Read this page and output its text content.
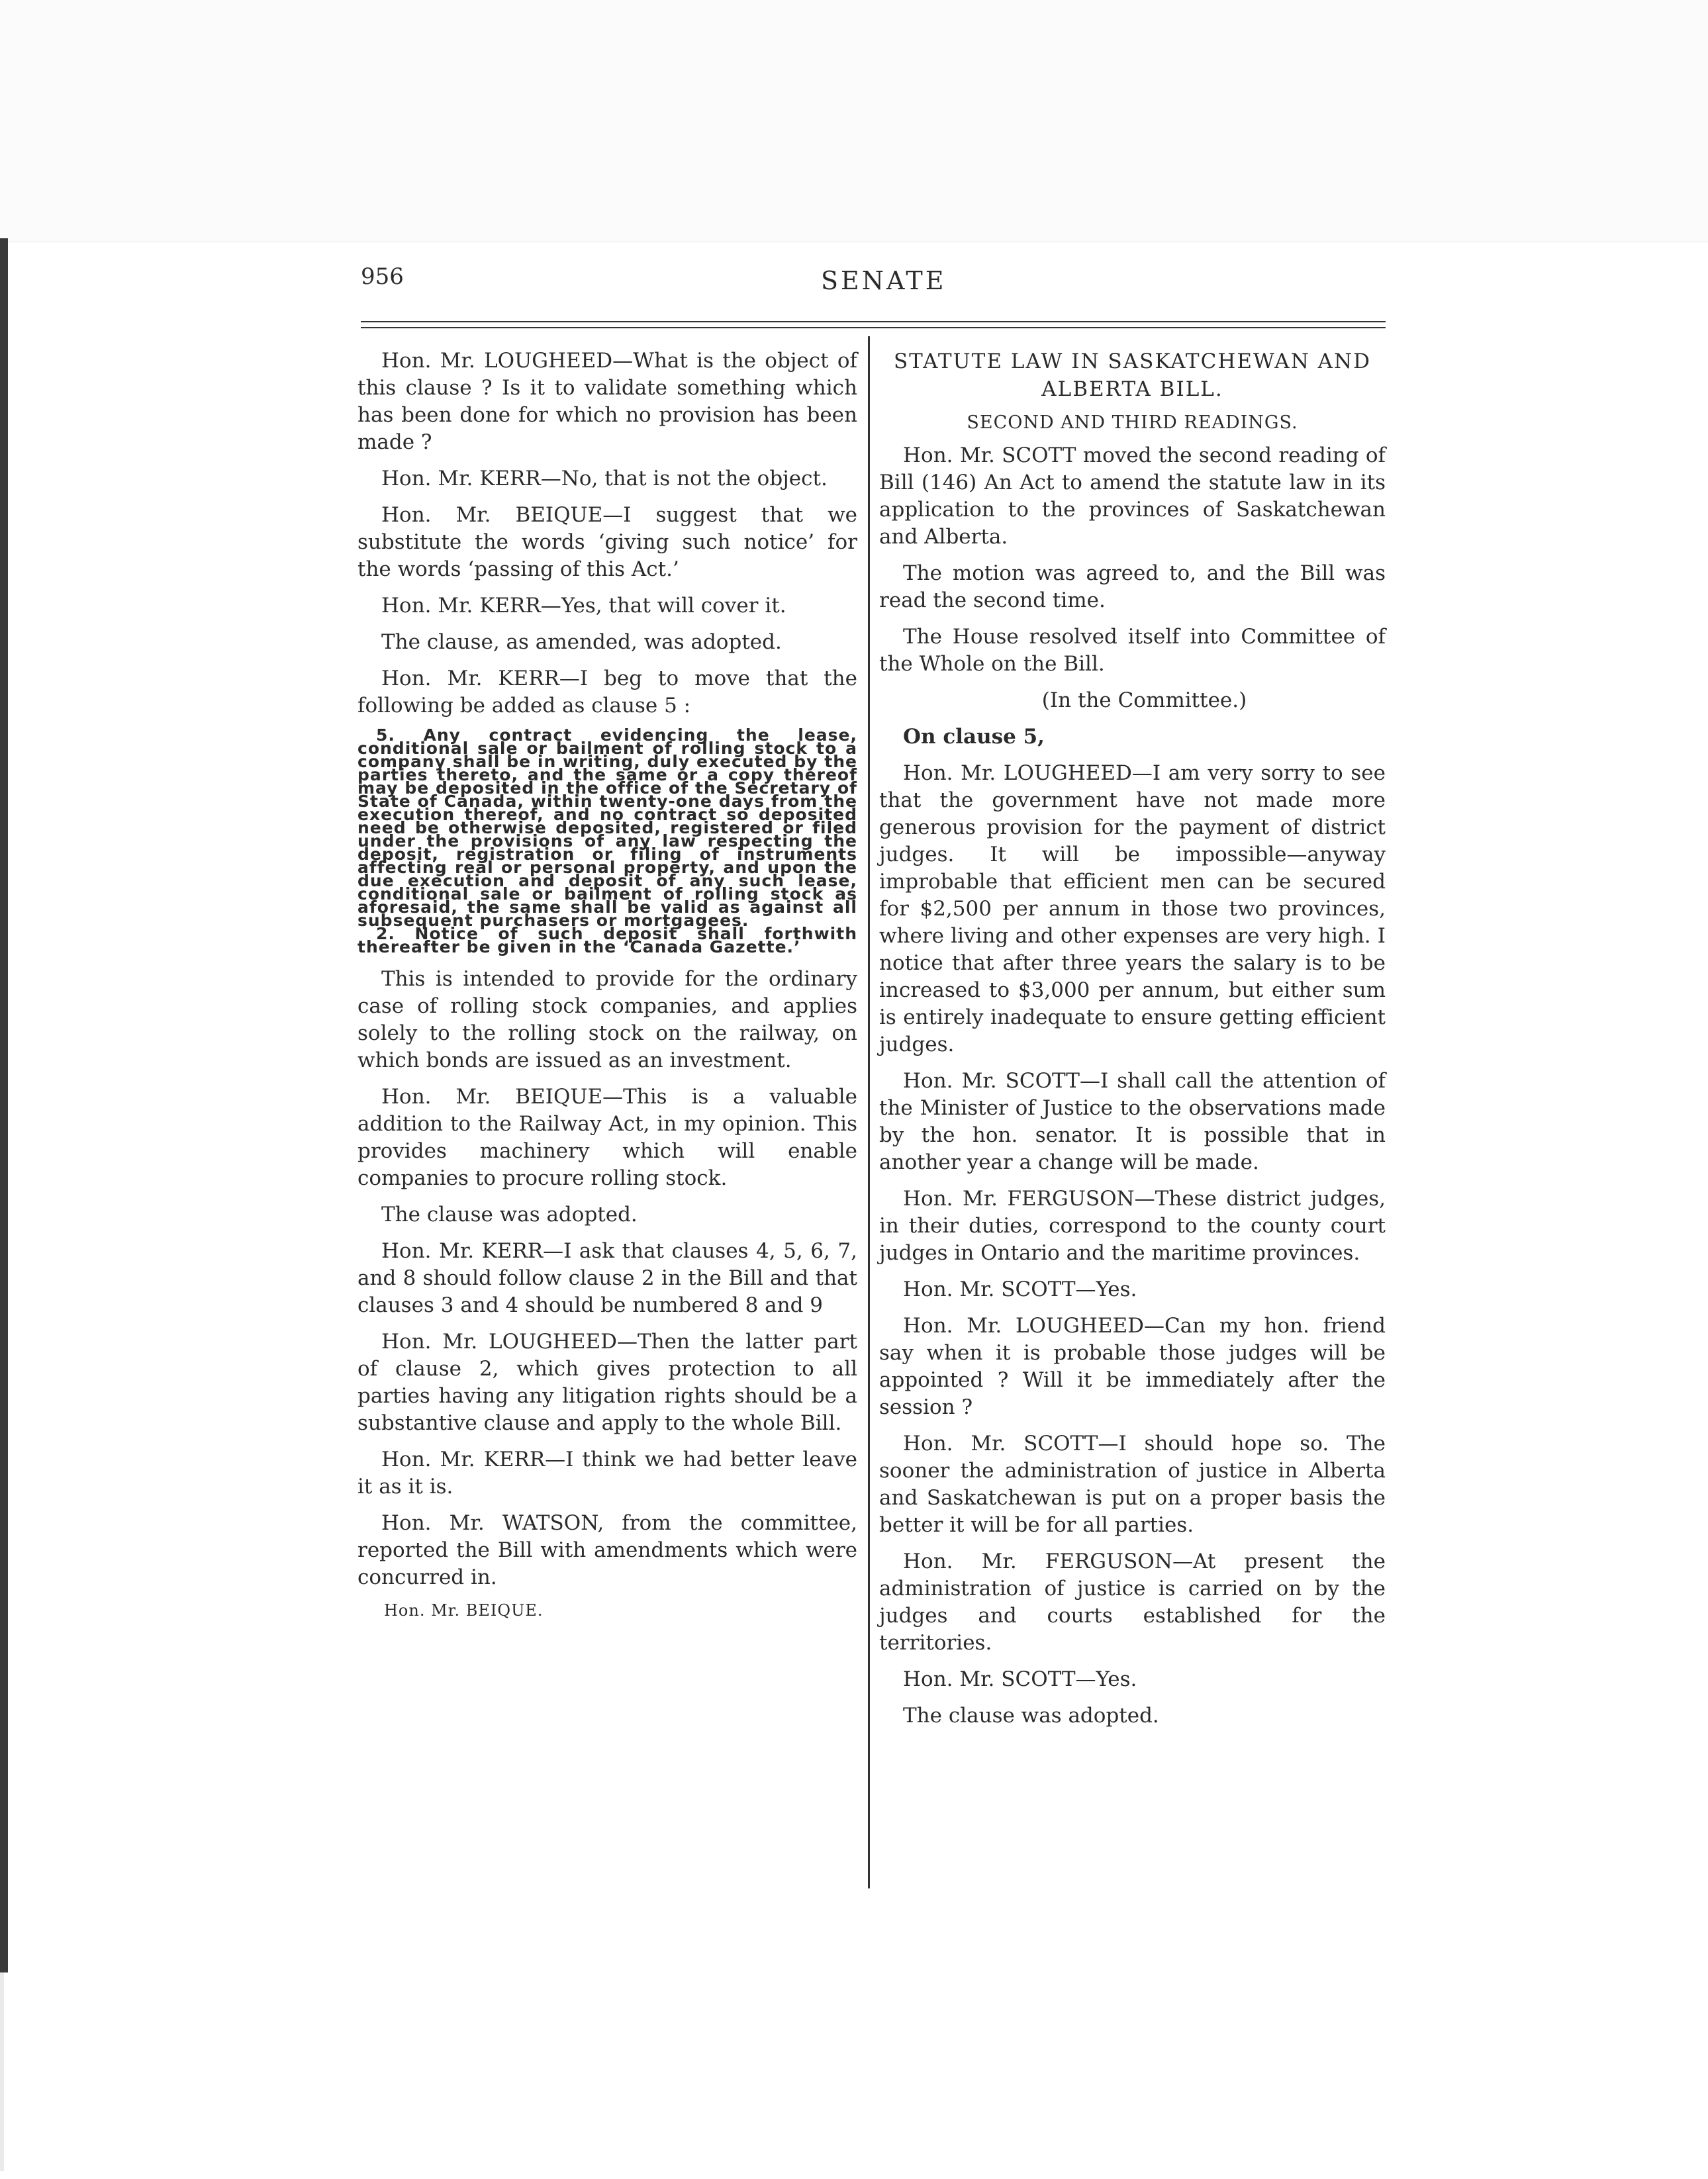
956	SENATE

Hon. Mr. LOUGHEED—What is the object of this clause ? Is it to validate something which has been done for which no provision has been made ?

Hon. Mr. KERR—No, that is not the object.

Hon. Mr. BEIQUE—I suggest that we substitute the words ‘giving such notice’ for the words ‘passing of this Act.’

Hon. Mr. KERR—Yes, that will cover it.

The clause, as amended, was adopted.

Hon. Mr. KERR—I beg to move that the following be added as clause 5 :

5. Any contract evidencing the lease, conditional sale or bailment of rolling stock to a company shall be in writing, duly executed by the parties thereto, and the same or a copy thereof may be deposited in the office of the Secretary of State of Canada, within twenty-one days from the execution thereof, and no contract so deposited need be otherwise deposited, registered or filed under the provisions of any law respecting the deposit, registration or filing of instruments affecting real or personal property, and upon the due execution and deposit of any such lease, conditional sale or bailment of rolling stock as aforesaid, the same shall be valid as against all subsequent purchasers or mortgagees.

2. Notice of such deposit shall forthwith thereafter be given in the ‘Canada Gazette.’

This is intended to provide for the ordinary case of rolling stock companies, and applies solely to the rolling stock on the railway, on which bonds are issued as an investment.

Hon. Mr. BEIQUE—This is a valuable addition to the Railway Act, in my opinion. This provides machinery which will enable companies to procure rolling stock.

The clause was adopted.

Hon. Mr. KERR—I ask that clauses 4, 5, 6, 7, and 8 should follow clause 2 in the Bill and that clauses 3 and 4 should be numbered 8 and 9

Hon. Mr. LOUGHEED—Then the latter part of clause 2, which gives protection to all parties having any litigation rights should be a substantive clause and apply to the whole Bill.

Hon. Mr. KERR—I think we had better leave it as it is.

Hon. Mr. WATSON, from the committee, reported the Bill with amendments which were concurred in.

Hon. Mr. BEIQUE.

STATUTE LAW IN SASKATCHEWAN AND ALBERTA BILL.

SECOND AND THIRD READINGS.

Hon. Mr. SCOTT moved the second reading of Bill (146) An Act to amend the statute law in its application to the provinces of Saskatchewan and Alberta.

The motion was agreed to, and the Bill was read the second time.

The House resolved itself into Committee of the Whole on the Bill.

(In the Committee.)

On clause 5,

Hon. Mr. LOUGHEED—I am very sorry to see that the government have not made more generous provision for the payment of district judges. It will be impossible—anyway improbable that efficient men can be secured for $2,500 per annum in those two provinces, where living and other expenses are very high. I notice that after three years the salary is to be increased to $3,000 per annum, but either sum is entirely inadequate to ensure getting efficient judges.

Hon. Mr. SCOTT—I shall call the attention of the Minister of Justice to the observations made by the hon. senator. It is possible that in another year a change will be made.

Hon. Mr. FERGUSON—These district judges, in their duties, correspond to the county court judges in Ontario and the maritime provinces.

Hon. Mr. SCOTT—Yes.

Hon. Mr. LOUGHEED—Can my hon. friend say when it is probable those judges will be appointed ? Will it be immediately after the session ?

Hon. Mr. SCOTT—I should hope so. The sooner the administration of justice in Alberta and Saskatchewan is put on a proper basis the better it will be for all parties.

Hon. Mr. FERGUSON—At present the administration of justice is carried on by the judges and courts established for the territories.

Hon. Mr. SCOTT—Yes.

The clause was adopted.
